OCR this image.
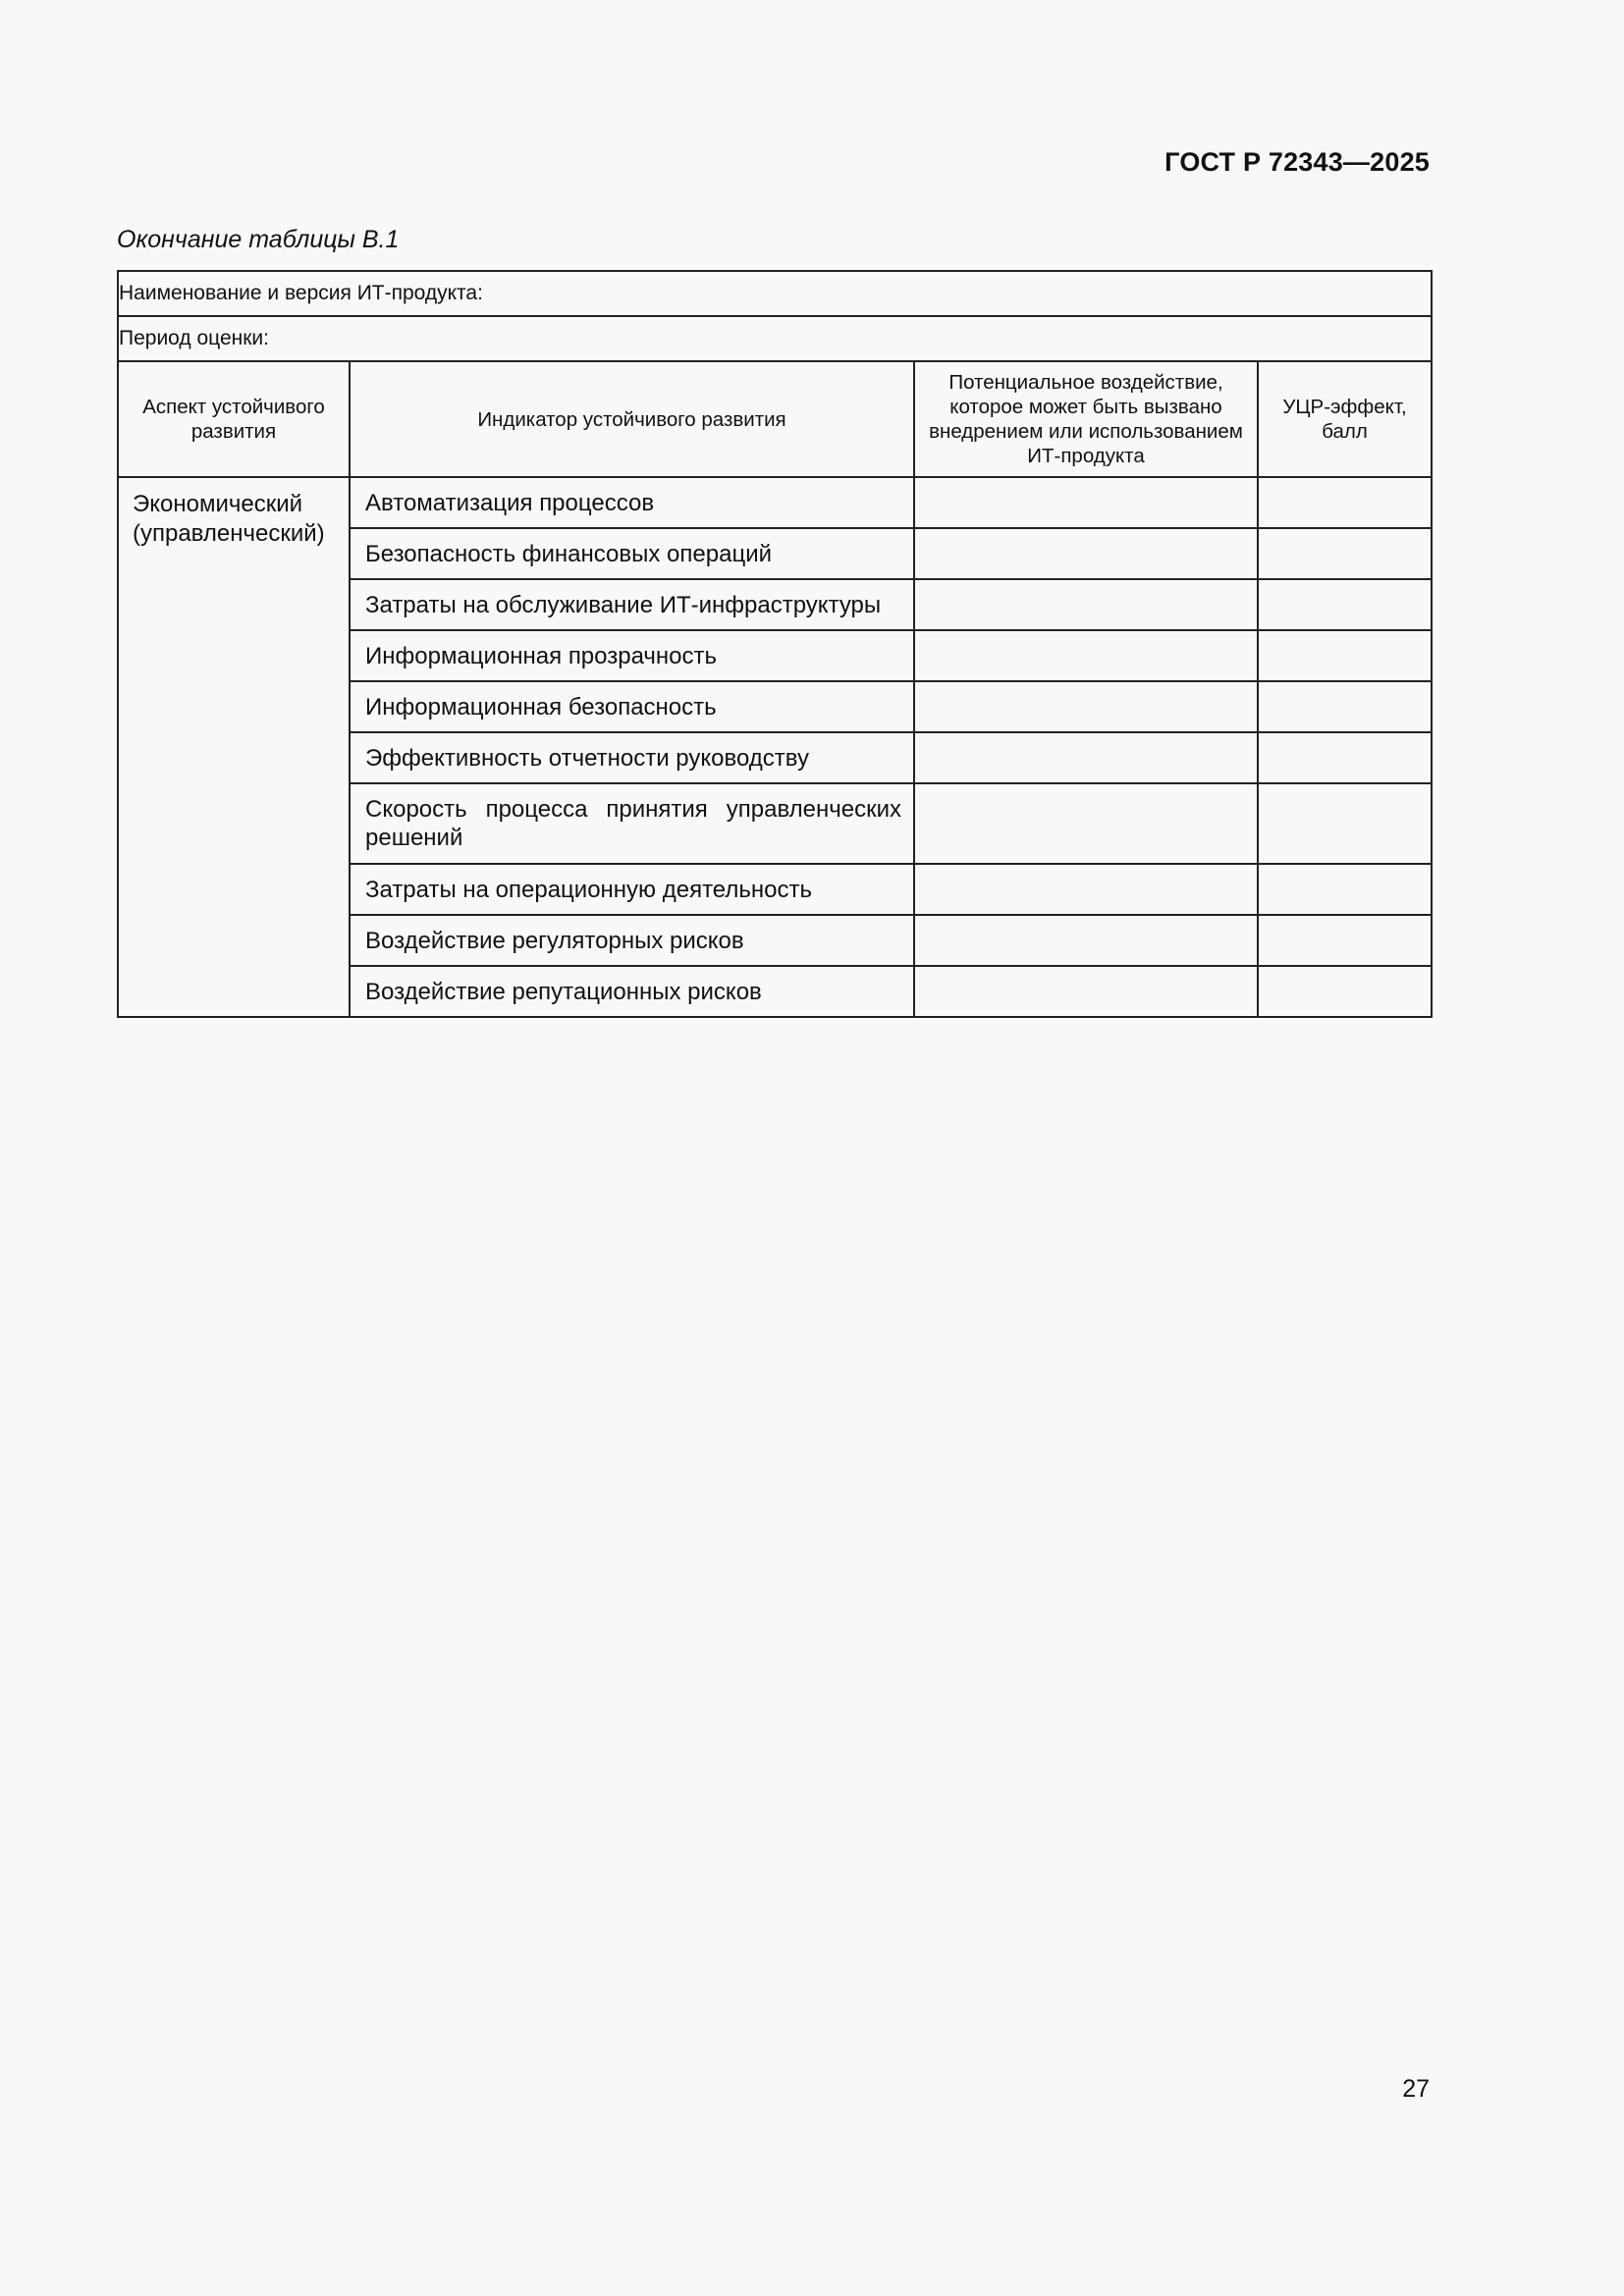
ГОСТ Р 72343—2025
Окончание таблицы В.1
Наименование и версия ИТ-продукта:			
Период оценки:			
Аспект устойчивого развития	Индикатор устойчивого развития	Потенциальное воздействие, которое может быть вызвано внедрением или использованием ИТ-продукта	УЦР-эффект, балл
Экономический (управленческий)	Автоматизация процессов		
	Безопасность финансовых операций		
	Затраты на обслуживание ИТ-инфраструктуры		
	Информационная прозрачность		
	Информационная безопасность		
	Эффективность отчетности руководству		
	Скорость процесса принятия управленческих решений		
	Затраты на операционную деятельность		
	Воздействие регуляторных рисков		
	Воздействие репутационных рисков		
27
